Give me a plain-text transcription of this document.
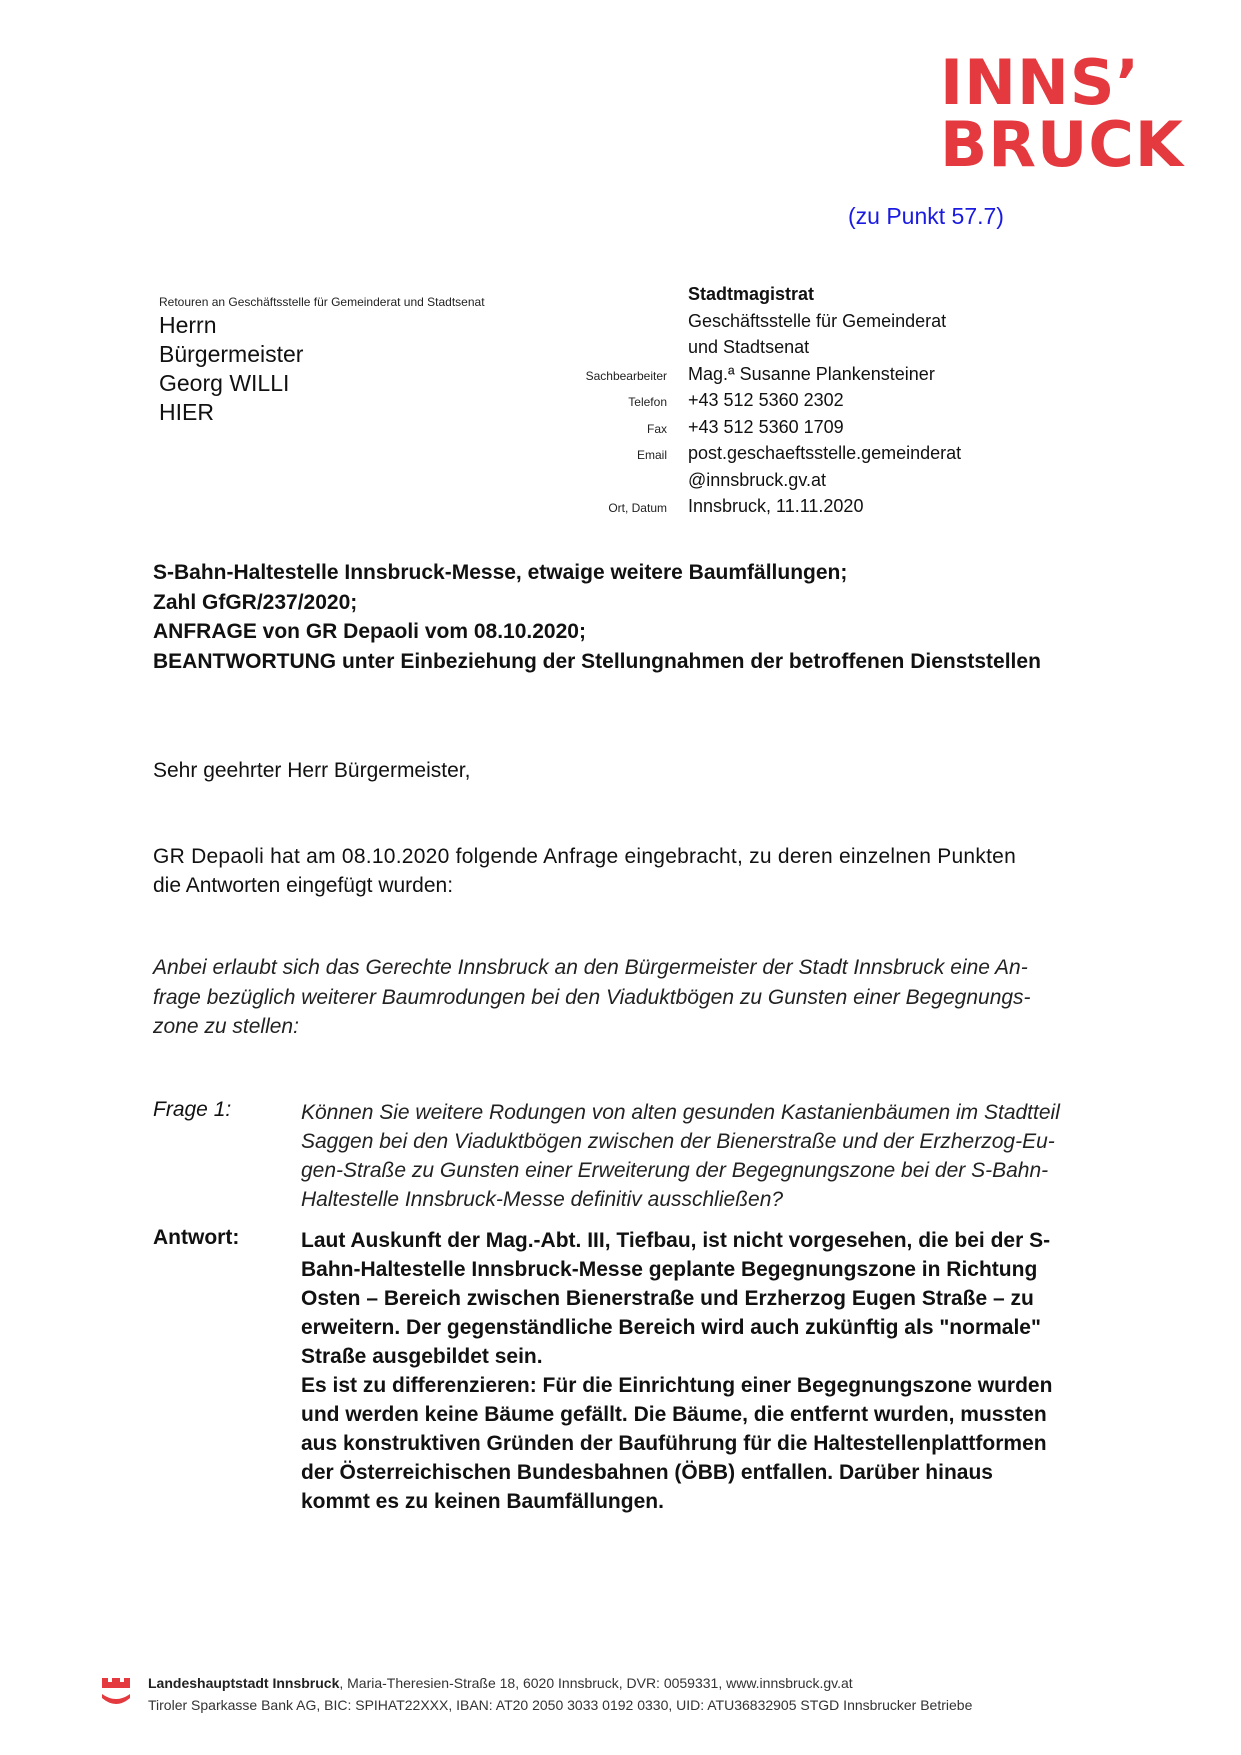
INNS’
BRUCK
(zu Punkt 57.7)
Retouren an Geschäftsstelle für Gemeinderat und Stadtsenat
Herrn
Bürgermeister
Georg WILLI
HIER
Stadtmagistrat
Geschäftsstelle für Gemeinderat
und Stadtsenat
Sachbearbeiter	Mag.ª Susanne Plankensteiner
Telefon	+43 512 5360 2302
Fax	+43 512 5360 1709
Email	post.geschaeftsstelle.gemeinderat
@innsbruck.gv.at
Ort, Datum	Innsbruck, 11.11.2020
S-Bahn-Haltestelle Innsbruck-Messe, etwaige weitere Baumfällungen;
Zahl GfGR/237/2020;
ANFRAGE von GR Depaoli vom 08.10.2020;
BEANTWORTUNG unter Einbeziehung der Stellungnahmen der betroffenen Dienststellen
Sehr geehrter Herr Bürgermeister,
GR Depaoli hat am 08.10.2020 folgende Anfrage eingebracht, zu deren einzelnen Punkten
die Antworten eingefügt wurden:
Anbei erlaubt sich das Gerechte Innsbruck an den Bürgermeister der Stadt Innsbruck eine An-
frage bezüglich weiterer Baumrodungen bei den Viaduktbögen zu Gunsten einer Begegnungs-
zone zu stellen:
Frage 1:	Können Sie weitere Rodungen von alten gesunden Kastanienbäumen im Stadtteil
Saggen bei den Viaduktbögen zwischen der Bienerstraße und der Erzherzog-Eu-
gen-Straße zu Gunsten einer Erweiterung der Begegnungszone bei der S-Bahn-
Haltestelle Innsbruck-Messe definitiv ausschließen?
Antwort:	Laut Auskunft der Mag.-Abt. III, Tiefbau, ist nicht vorgesehen, die bei der S-
Bahn-Haltestelle Innsbruck-Messe geplante Begegnungszone in Richtung
Osten – Bereich zwischen Bienerstraße und Erzherzog Eugen Straße – zu
erweitern. Der gegenständliche Bereich wird auch zukünftig als "normale"
Straße ausgebildet sein.
Es ist zu differenzieren: Für die Einrichtung einer Begegnungszone wurden
und werden keine Bäume gefällt. Die Bäume, die entfernt wurden, mussten
aus konstruktiven Gründen der Bauführung für die Haltestellenplattformen
der Österreichischen Bundesbahnen (ÖBB) entfallen. Darüber hinaus
kommt es zu keinen Baumfällungen.
Landeshauptstadt Innsbruck, Maria-Theresien-Straße 18, 6020 Innsbruck, DVR: 0059331, www.innsbruck.gv.at
Tiroler Sparkasse Bank AG, BIC: SPIHAT22XXX, IBAN: AT20 2050 3033 0192 0330, UID: ATU36832905 STGD Innsbrucker Betriebe
